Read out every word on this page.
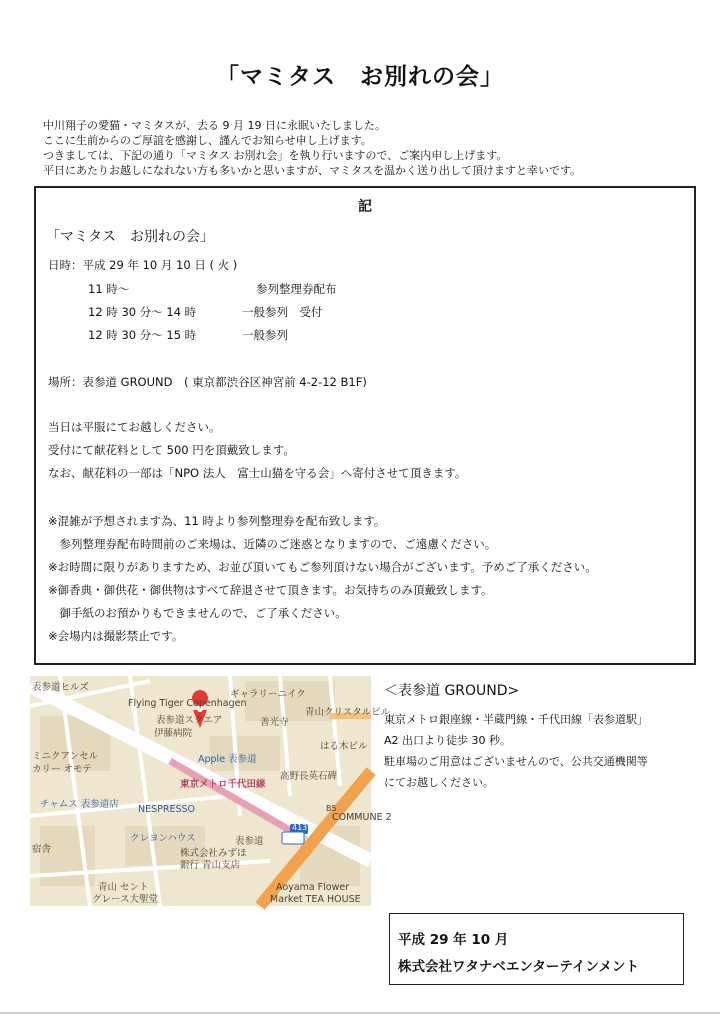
「マミタス　お別れの会」
中川翔子の愛猫・マミタスが、去る 9 月 19 日に永眠いたしました。
ここに生前からのご厚誼を感謝し、謹んでお知らせ申し上げます。
つきましては、下記の通り「マミタス お別れ会」を執り行いますので、ご案内申し上げます。
平日にあたりお越しになれない方も多いかと思いますが、マミタスを温かく送り出して頂けますと幸いです。
記
「マミタス　お別れの会」
日時：平成 29 年 10 月 10 日 ( 火 )
11 時〜	参列整理券配布
12 時 30 分〜 14 時	一般参列　受付
12 時 30 分〜 15 時	一般参列
場所：表参道 GROUND　( 東京都渋谷区神宮前 4-2-12 B1F)
当日は平服にてお越しください。
受付にて献花料として 500 円を頂戴致します。
なお、献花料の一部は「NPO 法人　富士山猫を守る会」へ寄付させて頂きます。
※混雑が予想されます為、11 時より参列整理券を配布致します。
　参列整理券配布時間前のご来場は、近隣のご迷惑となりますので、ご遠慮ください。
※お時間に限りがありますため、お並び頂いてもご参列頂けない場合がございます。予めご了承ください。
※御香典・御供花・御供物はすべて辞退させて頂きます。お気持ちのみ頂戴致します。
　御手紙のお預かりもできませんので、ご了承ください。
※会場内は撮影禁止です。
表参道ヒルズ
ギャラリーニイク
Flying Tiger Copenhagen
表参道スクエア
伊藤病院
善光寺
青山クリスタルビル
はる木ビル
Apple 表参道
高野長英石碑
東京メトロ千代田線
ミニクアンセル
カリー オモテ
チャムス 表参道店 NESPRESSO
クレヨンハウス	表参道
株式会社みずほ
銀行 青山支店
COMMUNE 2
宿舎
青山 セント
グレース大聖堂
Aoyama Flower
Market TEA HOUSE
413
B5
＜表参道 GROUND>
東京メトロ銀座線・半蔵門線・千代田線「表参道駅」
A2 出口より徒歩 30 秒。
駐車場のご用意はございませんので、公共交通機関等
にてお越しください。
平成 29 年 10 月
株式会社ワタナベエンターテインメント
